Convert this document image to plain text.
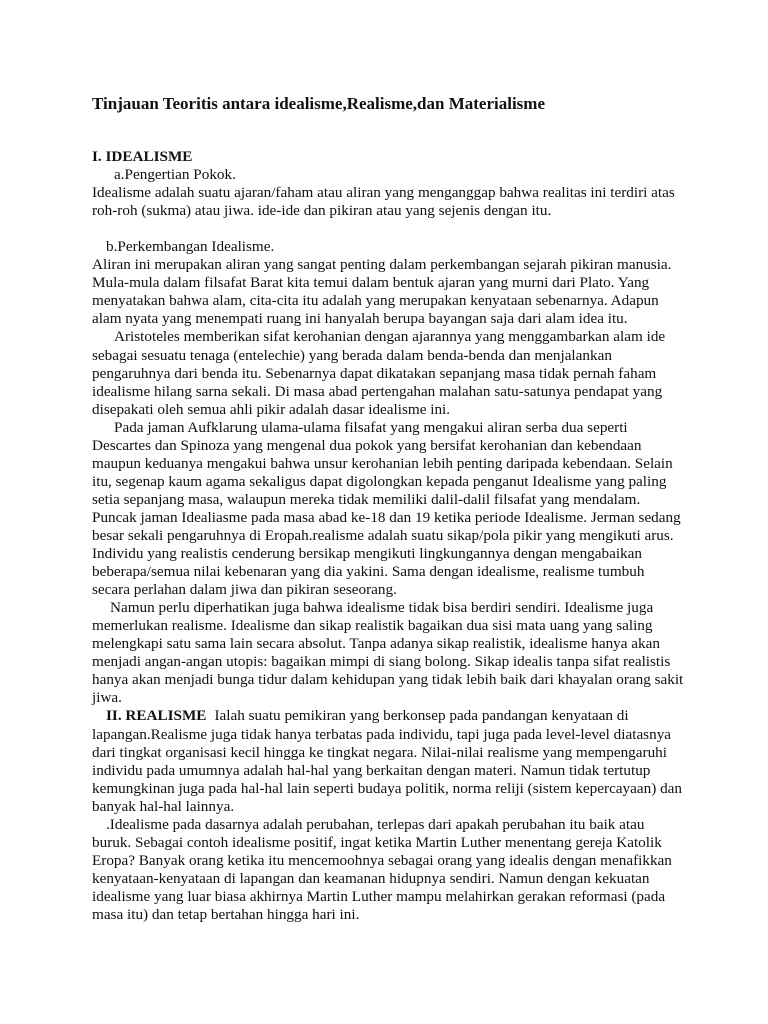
Tinjauan Teoritis antara idealisme,Realisme,dan Materialisme
I. IDEALISME
a.Pengertian Pokok.
Idealisme adalah suatu ajaran/faham atau aliran yang menganggap bahwa realitas ini terdiri atas
roh-roh (sukma) atau jiwa. ide-ide dan pikiran atau yang sejenis dengan itu.
b.Perkembangan Idealisme.
Aliran ini merupakan aliran yang sangat penting dalam perkembangan sejarah pikiran manusia.
Mula-mula dalam filsafat Barat kita temui dalam bentuk ajaran yang murni dari Plato. Yang
menyatakan bahwa alam, cita-cita itu adalah yang merupakan kenyataan sebenarnya. Adapun
alam nyata yang menempati ruang ini hanyalah berupa bayangan saja dari alam idea itu.
Aristoteles memberikan sifat kerohanian dengan ajarannya yang menggambarkan alam ide
sebagai sesuatu tenaga (entelechie) yang berada dalam benda-benda dan menjalankan
pengaruhnya dari benda itu. Sebenarnya dapat dikatakan sepanjang masa tidak pernah faham
idealisme hilang sarna sekali. Di masa abad pertengahan malahan satu-satunya pendapat yang
disepakati oleh semua ahli pikir adalah dasar idealisme ini.
Pada jaman Aufklarung ulama-ulama filsafat yang mengakui aliran serba dua seperti
Descartes dan Spinoza yang mengenal dua pokok yang bersifat kerohanian dan kebendaan
maupun keduanya mengakui bahwa unsur kerohanian lebih penting daripada kebendaan. Selain
itu, segenap kaum agama sekaligus dapat digolongkan kepada penganut Idealisme yang paling
setia sepanjang masa, walaupun mereka tidak memiliki dalil-dalil filsafat yang mendalam.
Puncak jaman Idealiasme pada masa abad ke-18 dan 19 ketika periode Idealisme. Jerman sedang
besar sekali pengaruhnya di Eropah.realisme adalah suatu sikap/pola pikir yang mengikuti arus.
Individu yang realistis cenderung bersikap mengikuti lingkungannya dengan mengabaikan
beberapa/semua nilai kebenaran yang dia yakini. Sama dengan idealisme, realisme tumbuh
secara perlahan dalam jiwa dan pikiran seseorang.
Namun perlu diperhatikan juga bahwa idealisme tidak bisa berdiri sendiri. Idealisme juga
memerlukan realisme. Idealisme dan sikap realistik bagaikan dua sisi mata uang yang saling
melengkapi satu sama lain secara absolut. Tanpa adanya sikap realistik, idealisme hanya akan
menjadi angan-angan utopis: bagaikan mimpi di siang bolong. Sikap idealis tanpa sifat realistis
hanya akan menjadi bunga tidur dalam kehidupan yang tidak lebih baik dari khayalan orang sakit
jiwa.
II. REALISME Ialah suatu pemikiran yang berkonsep pada pandangan kenyataan di
lapangan.Realisme juga tidak hanya terbatas pada individu, tapi juga pada level-level diatasnya
dari tingkat organisasi kecil hingga ke tingkat negara. Nilai-nilai realisme yang mempengaruhi
individu pada umumnya adalah hal-hal yang berkaitan dengan materi. Namun tidak tertutup
kemungkinan juga pada hal-hal lain seperti budaya politik, norma reliji (sistem kepercayaan) dan
banyak hal-hal lainnya.
.Idealisme pada dasarnya adalah perubahan, terlepas dari apakah perubahan itu baik atau
buruk. Sebagai contoh idealisme positif, ingat ketika Martin Luther menentang gereja Katolik
Eropa? Banyak orang ketika itu mencemoohnya sebagai orang yang idealis dengan menafikkan
kenyataan-kenyataan di lapangan dan keamanan hidupnya sendiri. Namun dengan kekuatan
idealisme yang luar biasa akhirnya Martin Luther mampu melahirkan gerakan reformasi (pada
masa itu) dan tetap bertahan hingga hari ini.
